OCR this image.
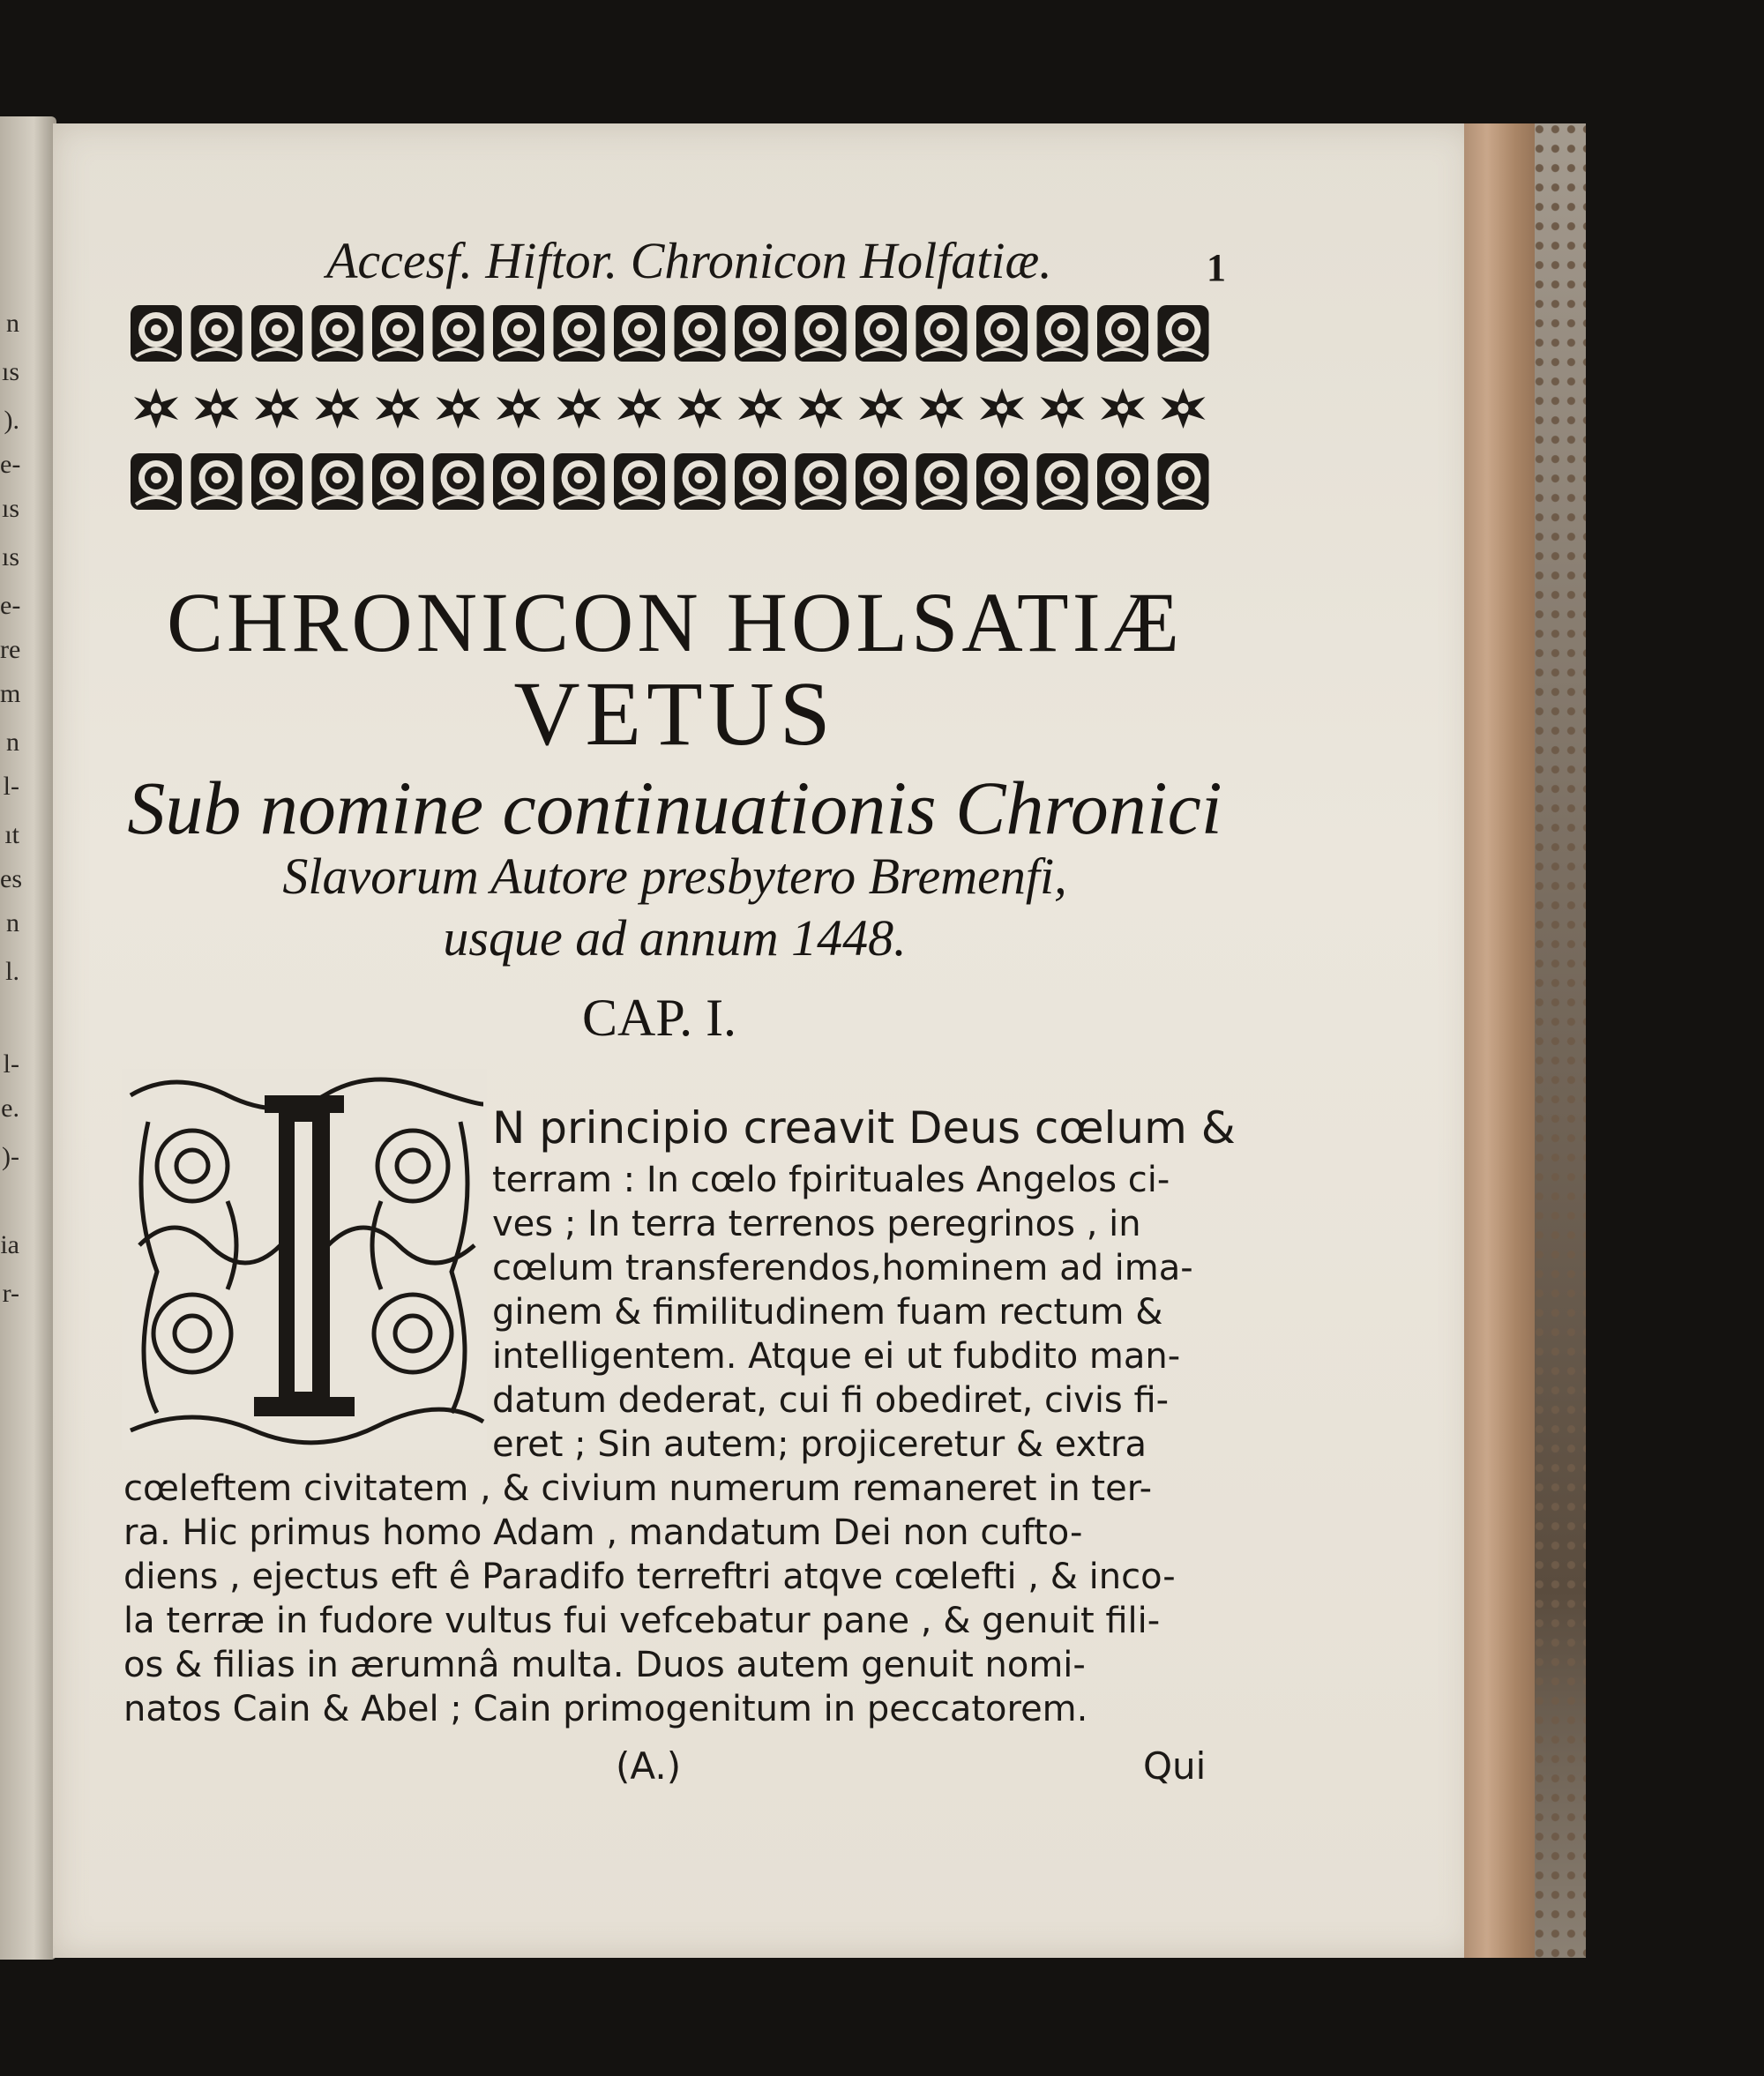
n
ıs
).
e-
ıs
ıs
e-
re
m
n
l-
ıt
es
n
l.
l-
e.
)-
ia
r-
Accesf. Hiftor. Chronicon Holfatiæ.	1
CHRONICON HOLSATIÆ
VETUS
Sub nomine continuationis Chronici
Slavorum Autore presbytero Bremenfi,
usque ad annum 1448.
CAP. I.
N principio creavit Deus cœlum &
terram : In cœlo fpirituales Angelos ci-
ves ; In terra terrenos peregrinos , in
cœlum transferendos,hominem ad ima-
ginem & fimilitudinem fuam rectum &
intelligentem. Atque ei ut fubdito man-
datum dederat, cui fi obediret, civis fi-
eret ; Sin autem; projiceretur & extra
cœleftem civitatem , & civium numerum remaneret in ter-
ra. Hic primus homo Adam , mandatum Dei non cufto-
diens , ejectus eft ê Paradifo terreftri atqve cœlefti , & inco-
la terræ in fudore vultus fui vefcebatur pane , & genuit fili-
os & filias in ærumnâ multa. Duos autem genuit nomi-
natos Cain & Abel ; Cain primogenitum in peccatorem.
(A.)	Qui
